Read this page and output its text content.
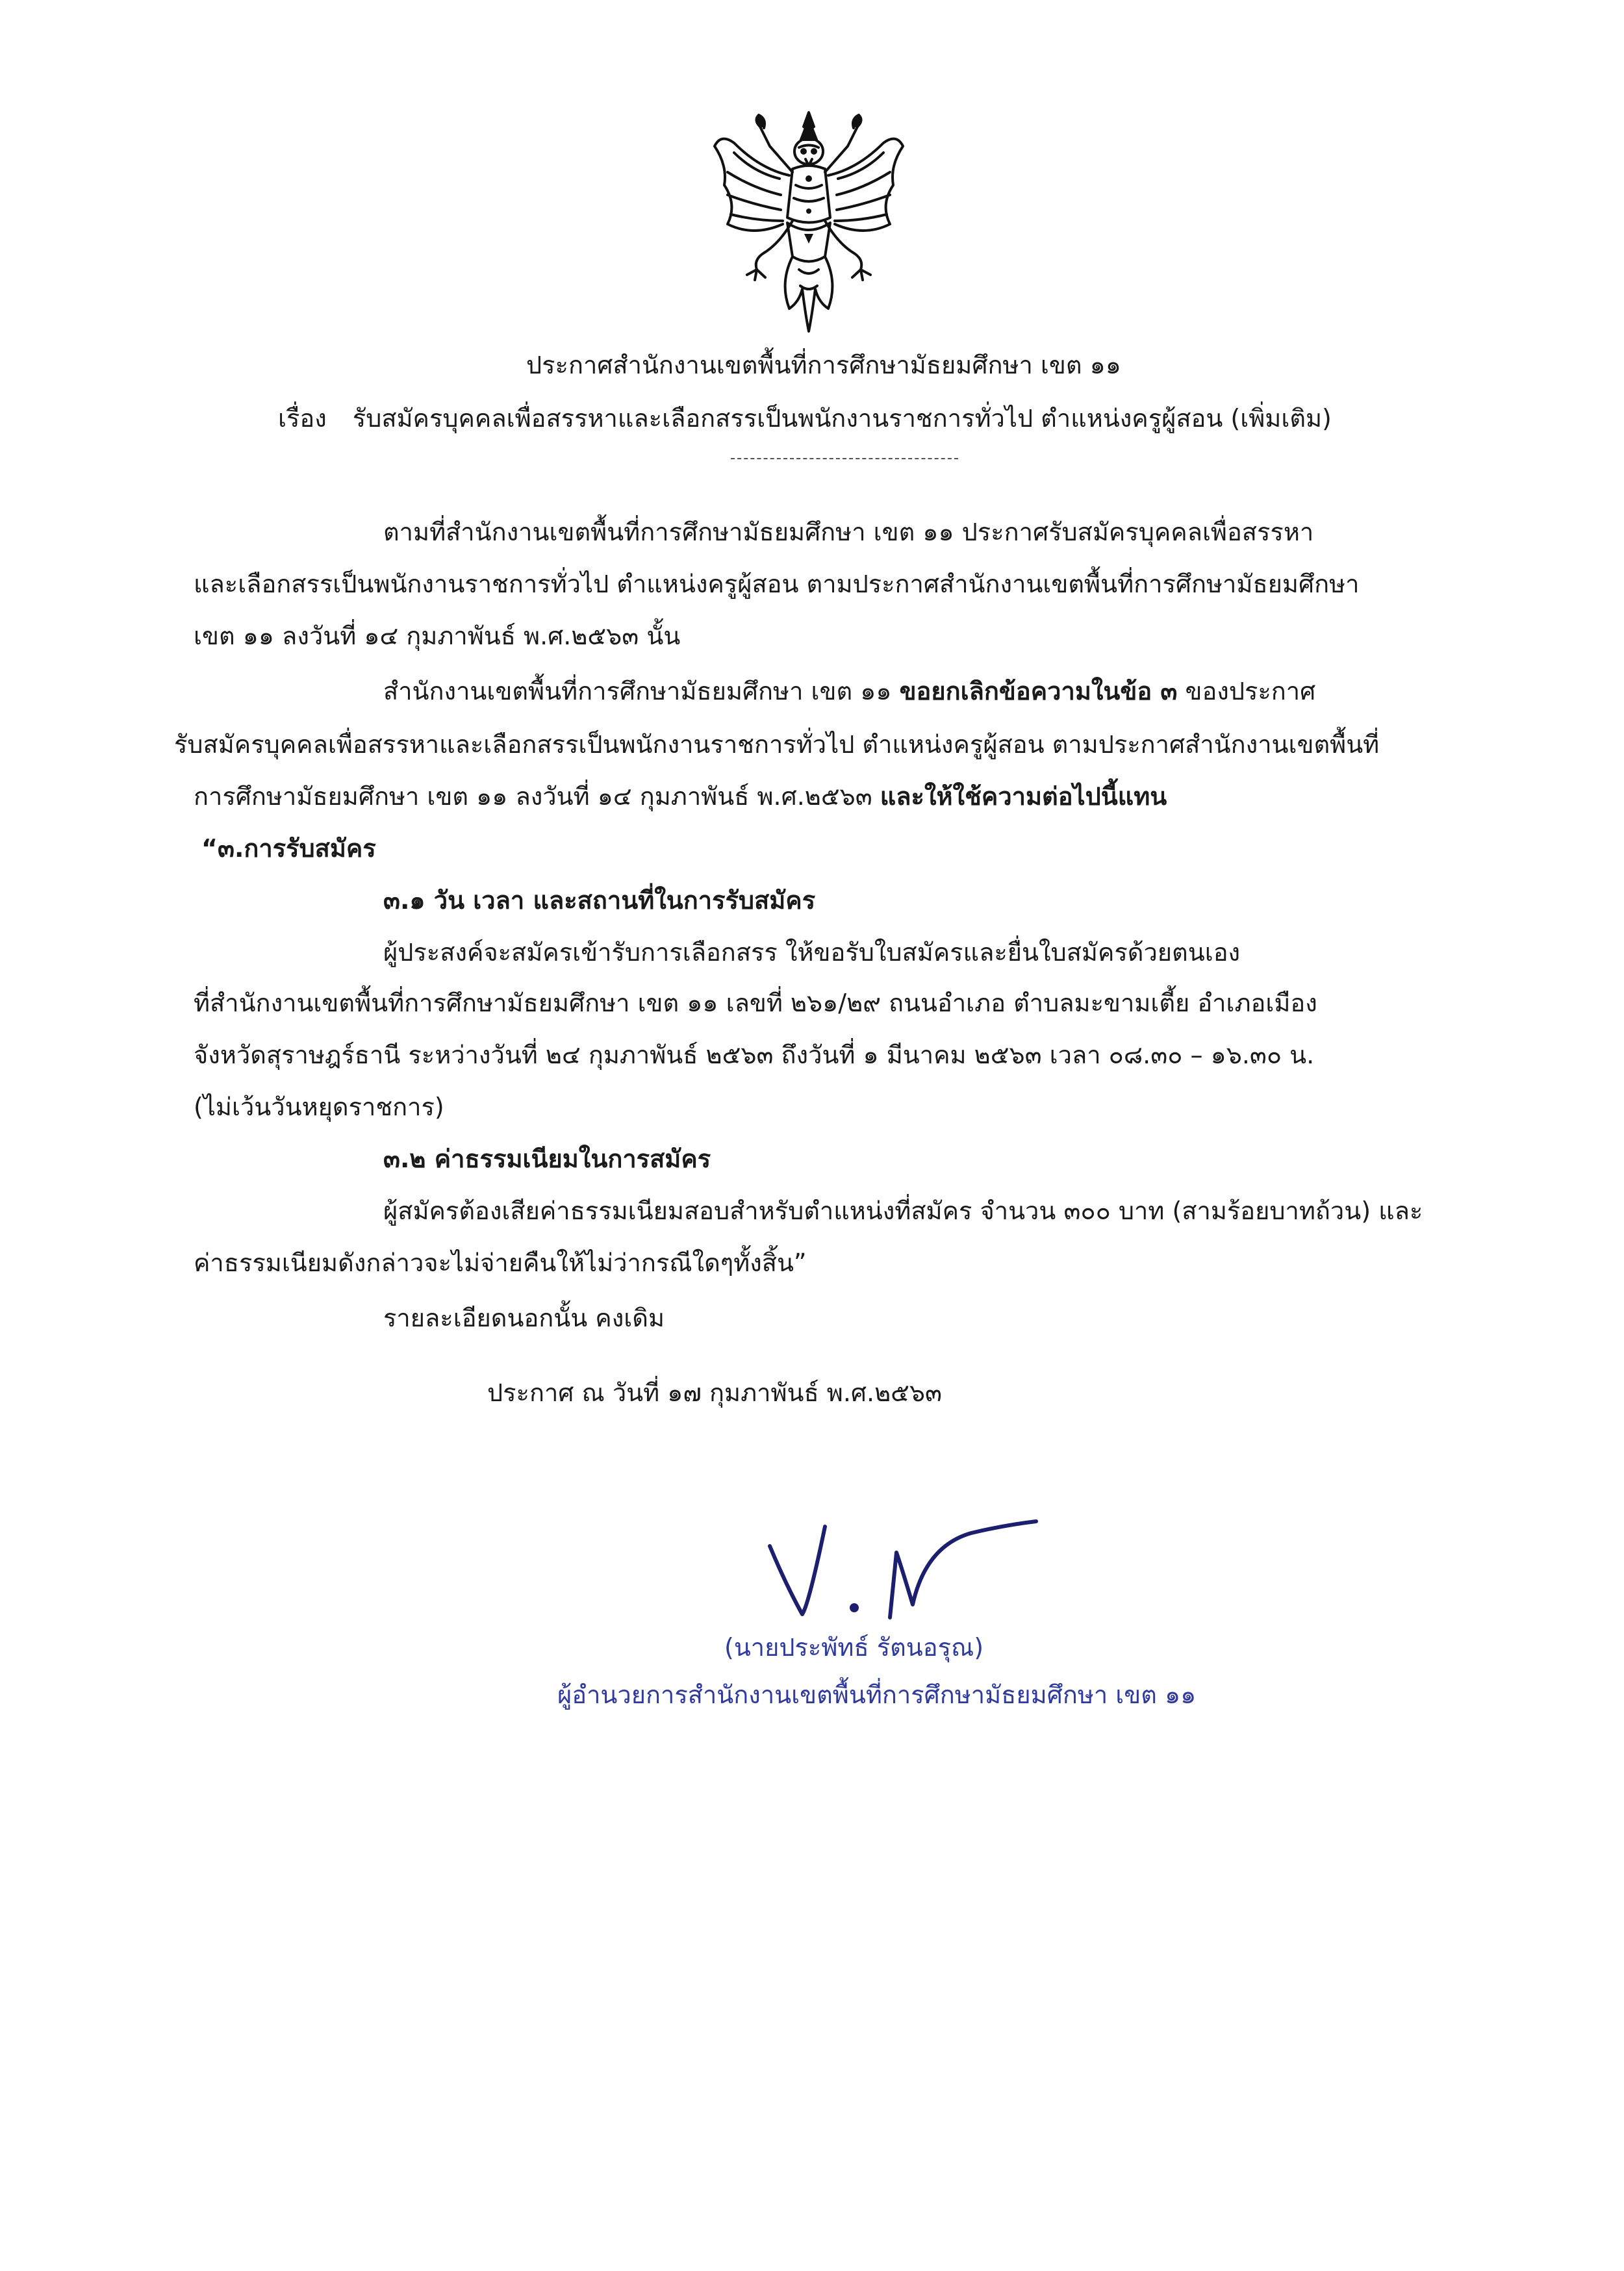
ประกาศสำนักงานเขตพื้นที่การศึกษามัธยมศึกษา เขต ๑๑
เรื่อง รับสมัครบุคคลเพื่อสรรหาและเลือกสรรเป็นพนักงานราชการทั่วไป ตำแหน่งครูผู้สอน (เพิ่มเติม)
ตามที่สำนักงานเขตพื้นที่การศึกษามัธยมศึกษา เขต ๑๑ ประกาศรับสมัครบุคคลเพื่อสรรหา
และเลือกสรรเป็นพนักงานราชการทั่วไป ตำแหน่งครูผู้สอน ตามประกาศสำนักงานเขตพื้นที่การศึกษามัธยมศึกษา
เขต ๑๑ ลงวันที่ ๑๔ กุมภาพันธ์ พ.ศ.๒๕๖๓ นั้น
สำนักงานเขตพื้นที่การศึกษามัธยมศึกษา เขต ๑๑ ขอยกเลิกข้อความในข้อ ๓ ของประกาศ
รับสมัครบุคคลเพื่อสรรหาและเลือกสรรเป็นพนักงานราชการทั่วไป ตำแหน่งครูผู้สอน ตามประกาศสำนักงานเขตพื้นที่
การศึกษามัธยมศึกษา เขต ๑๑ ลงวันที่ ๑๔ กุมภาพันธ์ พ.ศ.๒๕๖๓ และให้ใช้ความต่อไปนี้แทน
“๓.การรับสมัคร
๓.๑ วัน เวลา และสถานที่ในการรับสมัคร
ผู้ประสงค์จะสมัครเข้ารับการเลือกสรร ให้ขอรับใบสมัครและยื่นใบสมัครด้วยตนเอง
ที่สำนักงานเขตพื้นที่การศึกษามัธยมศึกษา เขต ๑๑ เลขที่ ๒๖๑/๒๙ ถนนอำเภอ ตำบลมะขามเตี้ย อำเภอเมือง
จังหวัดสุราษฎร์ธานี ระหว่างวันที่ ๒๔ กุมภาพันธ์ ๒๕๖๓ ถึงวันที่ ๑ มีนาคม ๒๕๖๓ เวลา ๐๘.๓๐ – ๑๖.๓๐ น.
(ไม่เว้นวันหยุดราชการ)
๓.๒ ค่าธรรมเนียมในการสมัคร
ผู้สมัครต้องเสียค่าธรรมเนียมสอบสำหรับตำแหน่งที่สมัคร จำนวน ๓๐๐ บาท (สามร้อยบาทถ้วน) และ
ค่าธรรมเนียมดังกล่าวจะไม่จ่ายคืนให้ไม่ว่ากรณีใดๆทั้งสิ้น”
รายละเอียดนอกนั้น คงเดิม
ประกาศ ณ วันที่ ๑๗ กุมภาพันธ์ พ.ศ.๒๕๖๓
(นายประพัทธ์ รัตนอรุณ)
ผู้อำนวยการสำนักงานเขตพื้นที่การศึกษามัธยมศึกษา เขต ๑๑
